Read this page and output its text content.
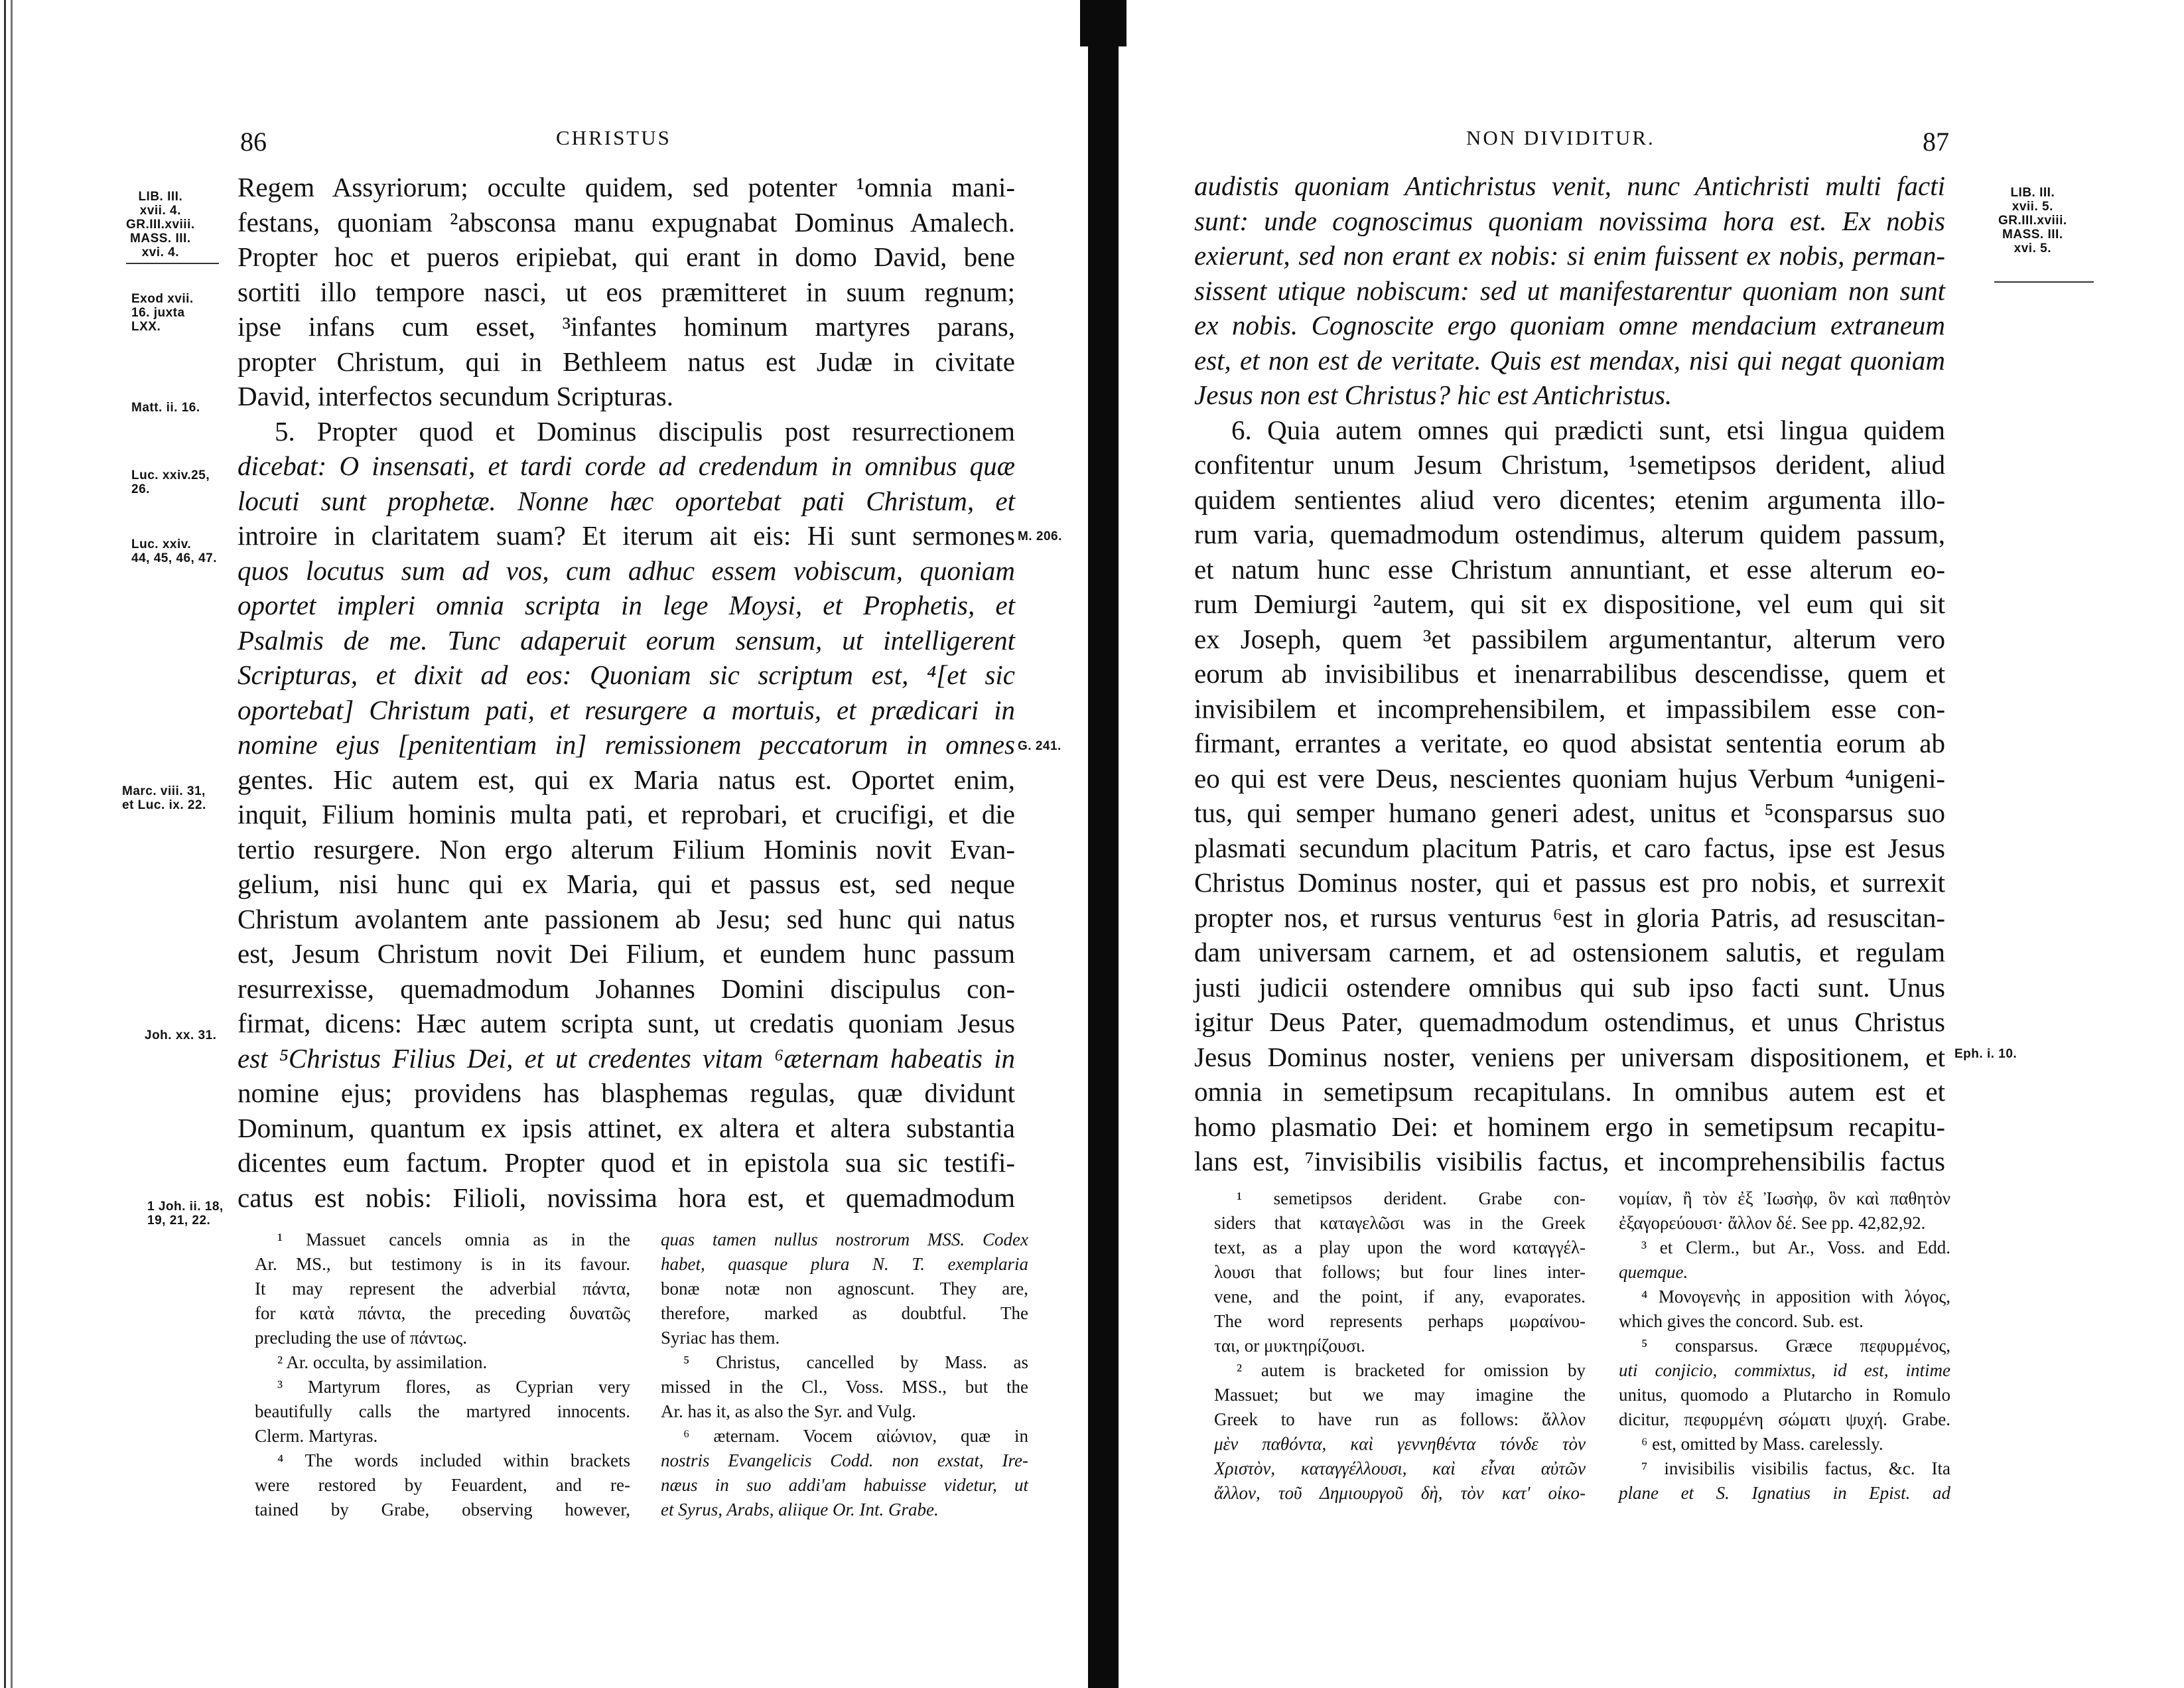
86	CHRISTUS
LIB. III.
xvii. 4.
GR.III.xviii.
MASS. III.
xvi. 4.
Exod xvii.
16. juxta
LXX.
Matt. ii. 16.
Luc. xxiv.25,
26.
Luc. xxiv.
44, 45, 46, 47.
Marc. viii. 31,
et Luc. ix. 22.
Joh. xx. 31.
1 Joh. ii. 18,
19, 21, 22.
M. 206.
G. 241.
Regem Assyriorum; occulte quidem, sed potenter ¹omnia mani-
festans, quoniam ²absconsa manu expugnabat Dominus Amalech.
Propter hoc et pueros eripiebat, qui erant in domo David, bene
sortiti illo tempore nasci, ut eos præmitteret in suum regnum;
ipse infans cum esset, ³infantes hominum martyres parans,
propter Christum, qui in Bethleem natus est Judæ in civitate
David, interfectos secundum Scripturas.
5. Propter quod et Dominus discipulis post resurrectionem
dicebat: O insensati, et tardi corde ad credendum in omnibus quæ
locuti sunt prophetæ. Nonne hæc oportebat pati Christum, et
introire in claritatem suam? Et iterum ait eis: Hi sunt sermones
quos locutus sum ad vos, cum adhuc essem vobiscum, quoniam
oportet impleri omnia scripta in lege Moysi, et Prophetis, et
Psalmis de me. Tunc adaperuit eorum sensum, ut intelligerent
Scripturas, et dixit ad eos: Quoniam sic scriptum est, ⁴[et sic
oportebat] Christum pati, et resurgere a mortuis, et prædicari in
nomine ejus [penitentiam in] remissionem peccatorum in omnes
gentes. Hic autem est, qui ex Maria natus est. Oportet enim,
inquit, Filium hominis multa pati, et reprobari, et crucifigi, et die
tertio resurgere. Non ergo alterum Filium Hominis novit Evan-
gelium, nisi hunc qui ex Maria, qui et passus est, sed neque
Christum avolantem ante passionem ab Jesu; sed hunc qui natus
est, Jesum Christum novit Dei Filium, et eundem hunc passum
resurrexisse, quemadmodum Johannes Domini discipulus con-
firmat, dicens: Hæc autem scripta sunt, ut credatis quoniam Jesus
est ⁵Christus Filius Dei, et ut credentes vitam ⁶æternam habeatis in
nomine ejus; providens has blasphemas regulas, quæ dividunt
Dominum, quantum ex ipsis attinet, ex altera et altera substantia
dicentes eum factum. Propter quod et in epistola sua sic testifi-
catus est nobis: Filioli, novissima hora est, et quemadmodum
¹ Massuet cancels omnia as in the
Ar. MS., but testimony is in its favour.
It may represent the adverbial πάντα,
for κατὰ πάντα, the preceding δυνατῶς
precluding the use of πάντως.
² Ar. occulta, by assimilation.
³ Martyrum flores, as Cyprian very
beautifully calls the martyred innocents.
Clerm. Martyras.
⁴ The words included within brackets
were restored by Feuardent, and re-
tained by Grabe, observing however,
quas tamen nullus nostrorum MSS. Codex
habet, quasque plura N. T. exemplaria
bonæ notæ non agnoscunt. They are,
therefore, marked as doubtful. The
Syriac has them.
⁵ Christus, cancelled by Mass. as
missed in the Cl., Voss. MSS., but the
Ar. has it, as also the Syr. and Vulg.
⁶ æternam. Vocem αἰώνιον, quæ in
nostris Evangelicis Codd. non exstat, Ire-
næus in suo addi'am habuisse videtur, ut
et Syrus, Arabs, aliique Or. Int. Grabe.
NON DIVIDITUR.	87
LIB. III.
xvii. 5.
GR.III.xviii.
MASS. III.
xvi. 5.
Eph. i. 10.
audistis quoniam Antichristus venit, nunc Antichristi multi facti
sunt: unde cognoscimus quoniam novissima hora est. Ex nobis
exierunt, sed non erant ex nobis: si enim fuissent ex nobis, perman-
sissent utique nobiscum: sed ut manifestarentur quoniam non sunt
ex nobis. Cognoscite ergo quoniam omne mendacium extraneum
est, et non est de veritate. Quis est mendax, nisi qui negat quoniam
Jesus non est Christus? hic est Antichristus.
6. Quia autem omnes qui prædicti sunt, etsi lingua quidem
confitentur unum Jesum Christum, ¹semetipsos derident, aliud
quidem sentientes aliud vero dicentes; etenim argumenta illo-
rum varia, quemadmodum ostendimus, alterum quidem passum,
et natum hunc esse Christum annuntiant, et esse alterum eo-
rum Demiurgi ²autem, qui sit ex dispositione, vel eum qui sit
ex Joseph, quem ³et passibilem argumentantur, alterum vero
eorum ab invisibilibus et inenarrabilibus descendisse, quem et
invisibilem et incomprehensibilem, et impassibilem esse con-
firmant, errantes a veritate, eo quod absistat sententia eorum ab
eo qui est vere Deus, nescientes quoniam hujus Verbum ⁴unigeni-
tus, qui semper humano generi adest, unitus et ⁵consparsus suo
plasmati secundum placitum Patris, et caro factus, ipse est Jesus
Christus Dominus noster, qui et passus est pro nobis, et surrexit
propter nos, et rursus venturus ⁶est in gloria Patris, ad resuscitan-
dam universam carnem, et ad ostensionem salutis, et regulam
justi judicii ostendere omnibus qui sub ipso facti sunt. Unus
igitur Deus Pater, quemadmodum ostendimus, et unus Christus
Jesus Dominus noster, veniens per universam dispositionem, et
omnia in semetipsum recapitulans. In omnibus autem est et
homo plasmatio Dei: et hominem ergo in semetipsum recapitu-
lans est, ⁷invisibilis visibilis factus, et incomprehensibilis factus
¹ semetipsos derident. Grabe con-
siders that καταγελῶσι was in the Greek
text, as a play upon the word καταγγέλ-
λουσι that follows; but four lines inter-
vene, and the point, if any, evaporates.
The word represents perhaps μωραίνου-
ται, or μυκτηρίζουσι.
² autem is bracketed for omission by
Massuet; but we may imagine the
Greek to have run as follows: ἄλλον
μὲν παθόντα, καὶ γεννηθέντα τόνδε τὸν
Χριστὸν, καταγγέλλουσι, καὶ εἶναι αὐτῶν
ἄλλον, τοῦ Δημιουργοῦ δὴ, τὸν κατ' οἰκο-
νομίαν, ἢ τὸν ἐξ Ἰωσὴφ, ὃν καὶ παθητὸν
ἐξαγορεύουσι· ἄλλον δέ. See pp. 42,82,92.
³ et Clerm., but Ar., Voss. and Edd.
quemque.
⁴ Μονογενὴς in apposition with λόγος,
which gives the concord. Sub. est.
⁵ consparsus. Græce πεφυρμένος,
uti conjicio, commixtus, id est, intime
unitus, quomodo a Plutarcho in Romulo
dicitur, πεφυρμένη σώματι ψυχή. Grabe.
⁶ est, omitted by Mass. carelessly.
⁷ invisibilis visibilis factus, &c. Ita
plane et S. Ignatius in Epist. ad
